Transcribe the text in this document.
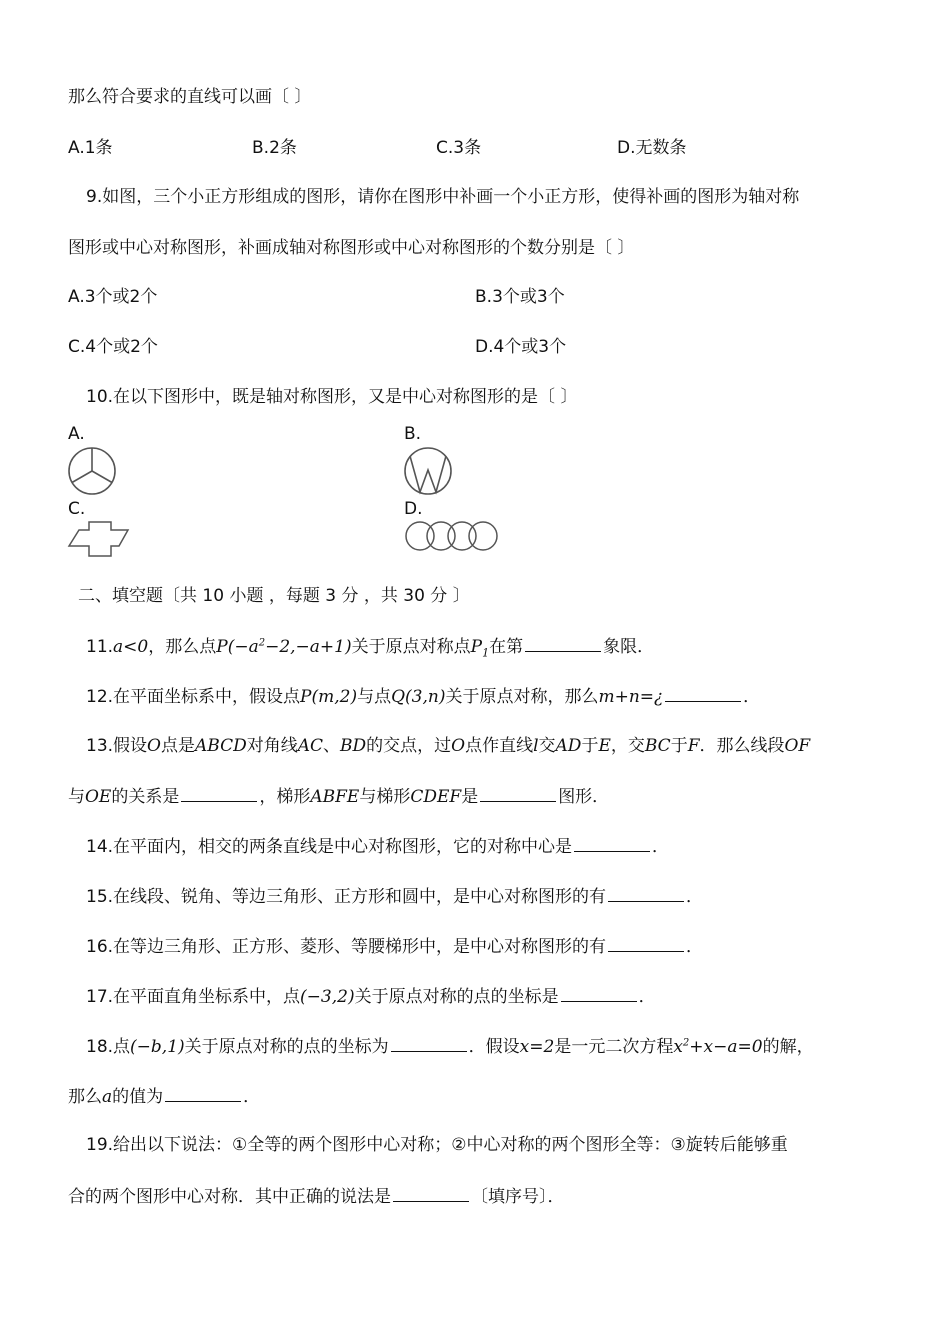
那么符合要求的直线可以画〔 〕
A.1条	B.2条	C.3条	D.无数条
9.如图，三个小正方形组成的图形，请你在图形中补画一个小正方形，使得补画的图形为轴对称
图形或中心对称图形，补画成轴对称图形或中心对称图形的个数分别是〔 〕
A.3个或2个	B.3个或3个
C.4个或2个	D.4个或3个
10.在以下图形中，既是轴对称图形，又是中心对称图形的是〔 〕
A.	B.
C.	D.
二、填空题〔共 10 小题 ，每题 3 分 ，共 30 分 〕
11.a<0，那么点$P(-a^2-2,-a+1)$关于原点对称点$P_1$在第	象限．
12.在平面坐标系中，假设点P(m,2)与点Q(3,n)关于原点对称，那么m+n=¿	．
13.假设O点是ABCD对角线AC、BD的交点，过O点作直线l交AD于E，交BC于F．那么线段OF
与OE的关系是	，梯形ABFE与梯形CDEF是	图形．
14.在平面内，相交的两条直线是中心对称图形，它的对称中心是	．
15.在线段、锐角、等边三角形、正方形和圆中，是中心对称图形的有	．
16.在等边三角形、正方形、菱形、等腰梯形中，是中心对称图形的有	．
17.在平面直角坐标系中，点(−3,2)关于原点对称的点的坐标是	．
18.点(−b,1)关于原点对称的点的坐标为	．假设x=2是一元二次方程$x^2+x-a=0$的解，
那么a的值为	．
19.给出以下说法：①全等的两个图形中心对称；②中心对称的两个图形全等：③旋转后能够重
合的两个图形中心对称．其中正确的说法是	〔填序号〕．
